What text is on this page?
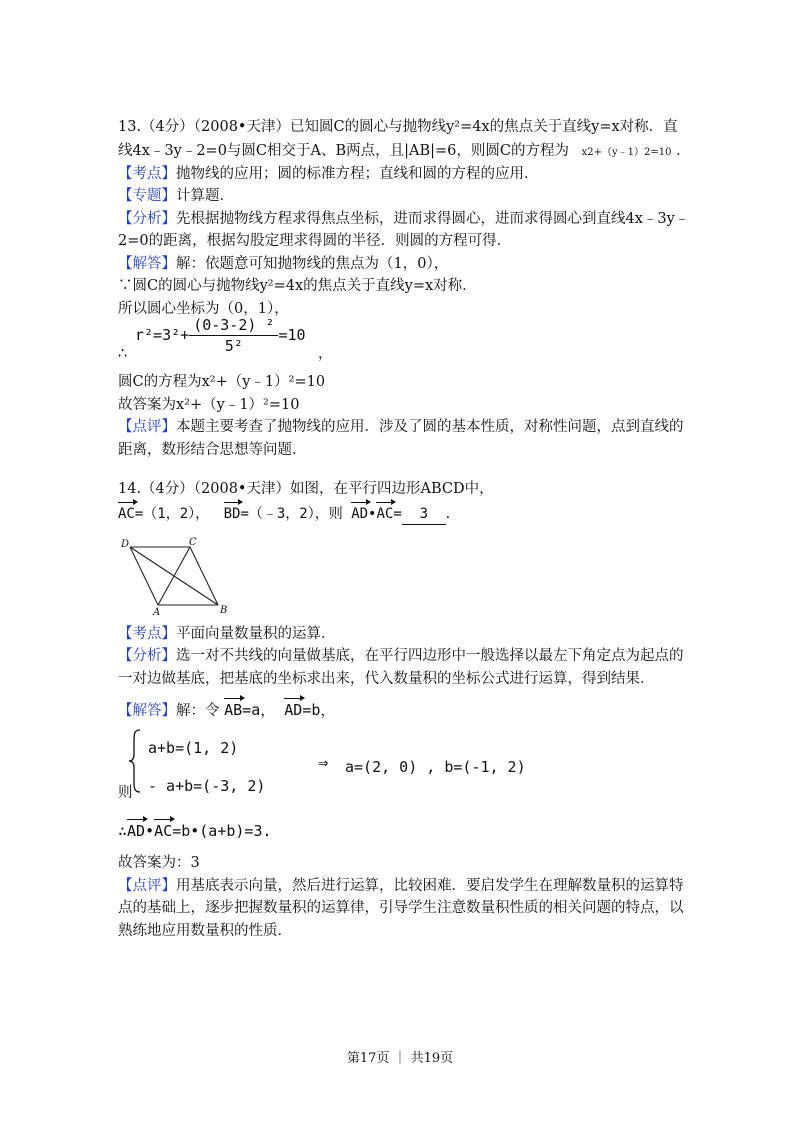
13.（4分）（2008•天津）已知圆C的圆心与抛物线y²=4x的焦点关于直线y=x对称．直
线4x﹣3y﹣2=0与圆C相交于A、B两点，且|AB|=6，则圆C的方程为 x2+（y﹣1）2=10 ．
【考点】抛物线的应用；圆的标准方程；直线和圆的方程的应用．
【专题】计算题．
【分析】先根据抛物线方程求得焦点坐标，进而求得圆心，进而求得圆心到直线4x﹣3y﹣
2=0的距离，根据勾股定理求得圆的半径．则圆的方程可得．
【解答】解：依题意可知抛物线的焦点为（1，0），
∵圆C的圆心与抛物线y²=4x的焦点关于直线y=x对称．
所以圆心坐标为（0，1），
$r^2=3^2+ \frac{\text{(0-3-2) ²}}{\text{5²}} =10$
∴	，
圆C的方程为x²+（y﹣1）²=10
故答案为x²+（y﹣1）²=10
【点评】本题主要考查了抛物线的应用．涉及了圆的基本性质，对称性问题，点到直线的
距离，数形结合思想等问题．
14.（4分）（2008•天津）如图，在平行四边形ABCD中，
AC=（1，2）， BD=（﹣3，2），则 AD•AC= 3 ．
D	C
A	B
【考点】平面向量数量积的运算．
【分析】选一对不共线的向量做基底，在平行四边形中一般选择以最左下角定点为起点的
一对边做基底，把基底的坐标求出来，代入数量积的坐标公式进行运算，得到结果．
【解答】解：令 AB=a， AD=b，
a+b=(1, 2)
- a+b=(-3, 2)
则
⇒ a=(2, 0) , b=(-1, 2)
∴AD•AC=b•(a+b)=3.
故答案为：3
【点评】用基底表示向量，然后进行运算，比较困难．要启发学生在理解数量积的运算特
点的基础上，逐步把握数量积的运算律，引导学生注意数量积性质的相关问题的特点，以
熟练地应用数量积的性质．
第17页 ｜ 共19页
